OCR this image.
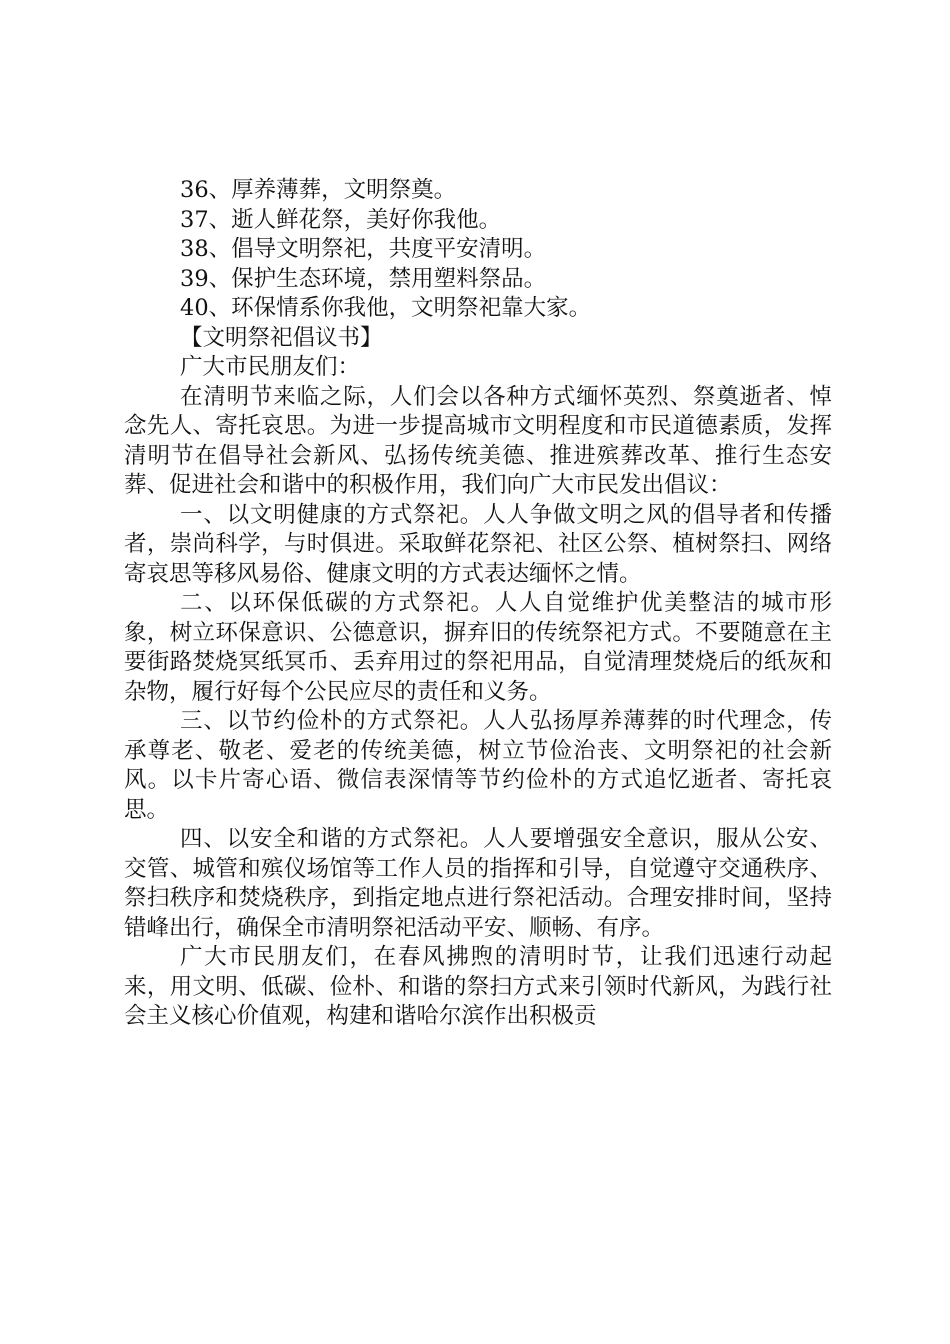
36、厚养薄葬，文明祭奠。

37、逝人鲜花祭，美好你我他。

38、倡导文明祭祀，共度平安清明。

39、保护生态环境，禁用塑料祭品。

40、环保情系你我他，文明祭祀靠大家。

【文明祭祀倡议书】

广大市民朋友们：

在清明节来临之际，人们会以各种方式缅怀英烈、祭奠逝者、悼念先人、寄托哀思。为进一步提高城市文明程度和市民道德素质，发挥清明节在倡导社会新风、弘扬传统美德、推进殡葬改革、推行生态安葬、促进社会和谐中的积极作用，我们向广大市民发出倡议：

一、以文明健康的方式祭祀。人人争做文明之风的倡导者和传播者，崇尚科学，与时俱进。采取鲜花祭祀、社区公祭、植树祭扫、网络寄哀思等移风易俗、健康文明的方式表达缅怀之情。

二、以环保低碳的方式祭祀。人人自觉维护优美整洁的城市形象，树立环保意识、公德意识，摒弃旧的传统祭祀方式。不要随意在主要街路焚烧冥纸冥币、丢弃用过的祭祀用品，自觉清理焚烧后的纸灰和杂物，履行好每个公民应尽的责任和义务。

三、以节约俭朴的方式祭祀。人人弘扬厚养薄葬的时代理念，传承尊老、敬老、爱老的传统美德，树立节俭治丧、文明祭祀的社会新风。以卡片寄心语、微信表深情等节约俭朴的方式追忆逝者、寄托哀思。

四、以安全和谐的方式祭祀。人人要增强安全意识，服从公安、交管、城管和殡仪场馆等工作人员的指挥和引导，自觉遵守交通秩序、祭扫秩序和焚烧秩序，到指定地点进行祭祀活动。合理安排时间，坚持错峰出行，确保全市清明祭祀活动平安、顺畅、有序。

广大市民朋友们，在春风拂煦的清明时节，让我们迅速行动起来，用文明、低碳、俭朴、和谐的祭扫方式来引领时代新风，为践行社会主义核心价值观，构建和谐哈尔滨作出积极贡
